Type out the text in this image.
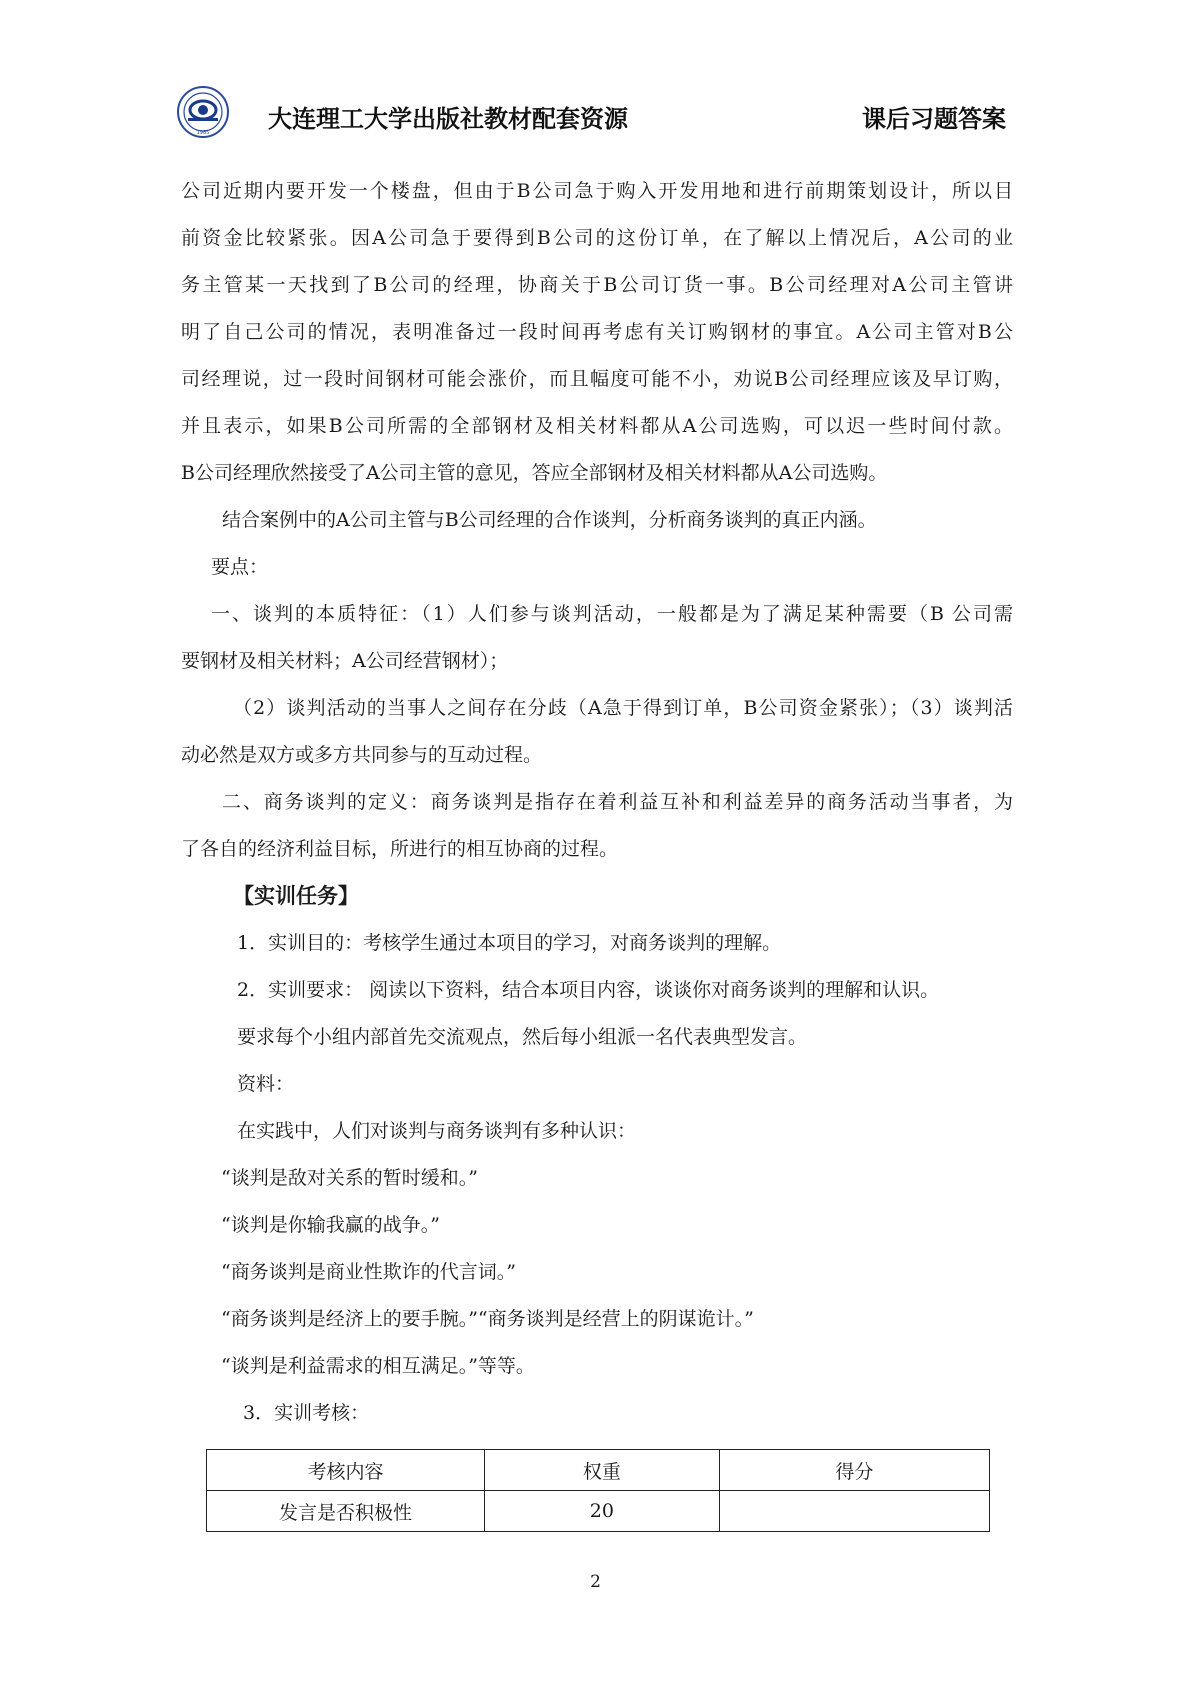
1985 大连理工大学出版社教材配套资源	课后习题答案

公司近期内要开发一个楼盘，但由于B公司急于购入开发用地和进行前期策划设计，所以目

前资金比较紧张。因A公司急于要得到B公司的这份订单，在了解以上情况后，A公司的业

务主管某一天找到了B公司的经理，协商关于B公司订货一事。B公司经理对A公司主管讲

明了自己公司的情况，表明准备过一段时间再考虑有关订购钢材的事宜。A公司主管对B公

司经理说，过一段时间钢材可能会涨价，而且幅度可能不小，劝说B公司经理应该及早订购，

并且表示，如果B公司所需的全部钢材及相关材料都从A公司选购，可以迟一些时间付款。

B公司经理欣然接受了A公司主管的意见，答应全部钢材及相关材料都从A公司选购。

结合案例中的A公司主管与B公司经理的合作谈判，分析商务谈判的真正内涵。

要点：

一、谈判的本质特征：（1）人们参与谈判活动，一般都是为了满足某种需要（B 公司需

要钢材及相关材料；A公司经营钢材）；

（2）谈判活动的当事人之间存在分歧（A急于得到订单，B公司资金紧张）；（3）谈判活

动必然是双方或多方共同参与的互动过程。

二、商务谈判的定义：商务谈判是指存在着利益互补和利益差异的商务活动当事者，为

了各自的经济利益目标，所进行的相互协商的过程。

【实训任务】

1．实训目的：考核学生通过本项目的学习，对商务谈判的理解。

2．实训要求： 阅读以下资料，结合本项目内容，谈谈你对商务谈判的理解和认识。

要求每个小组内部首先交流观点，然后每小组派一名代表典型发言。

资料：

在实践中，人们对谈判与商务谈判有多种认识：

“谈判是敌对关系的暂时缓和。”

“谈判是你输我赢的战争。”

“商务谈判是商业性欺诈的代言词。”

“商务谈判是经济上的要手腕。”“商务谈判是经营上的阴谋诡计。”

“谈判是利益需求的相互满足。”等等。

3．实训考核：

考核内容	权重	得分
发言是否积极性	20	
2
